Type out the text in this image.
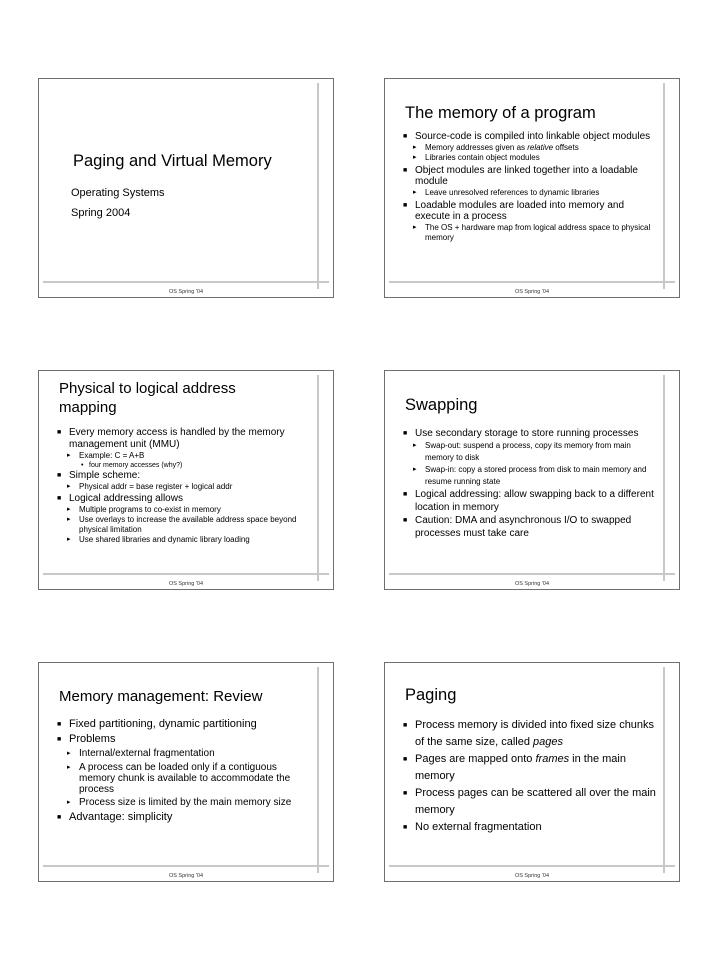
Paging and Virtual Memory
Operating Systems
Spring 2004
OS Spring '04
The memory of a program
■ Source-code is compiled into linkable object modules
▸ Memory addresses given as relative offsets
▸ Libraries contain object modules
■ Object modules are linked together into a loadable module
▸ Leave unresolved references to dynamic libraries
■ Loadable modules are loaded into memory and execute in a process
▸ The OS + hardware map from logical address space to physical memory
OS Spring '04
Physical to logical address mapping
■ Every memory access is handled by the memory management unit (MMU)
▸ Example: C = A+B
• four memory accesses (why?)
■ Simple scheme:
▸ Physical addr = base register + logical addr
■ Logical addressing allows
▸ Multiple programs to co-exist in memory
▸ Use overlays to increase the available address space beyond physical limitation
▸ Use shared libraries and dynamic library loading
OS Spring '04
Swapping
■ Use secondary storage to store running processes
▸ Swap-out: suspend a process, copy its memory from main memory to disk
▸ Swap-in: copy a stored process from disk to main memory and resume running state
■ Logical addressing: allow swapping back to a different location in memory
■ Caution: DMA and asynchronous I/O to swapped processes must take care
OS Spring '04
Memory management: Review
■ Fixed partitioning, dynamic partitioning
■ Problems
▸ Internal/external fragmentation
▸ A process can be loaded only if a contiguous memory chunk is available to accommodate the process
▸ Process size is limited by the main memory size
■ Advantage: simplicity
OS Spring '04
Paging
■ Process memory is divided into fixed size chunks of the same size, called pages
■ Pages are mapped onto frames in the main memory
■ Process pages can be scattered all over the main memory
■ No external fragmentation
OS Spring '04
